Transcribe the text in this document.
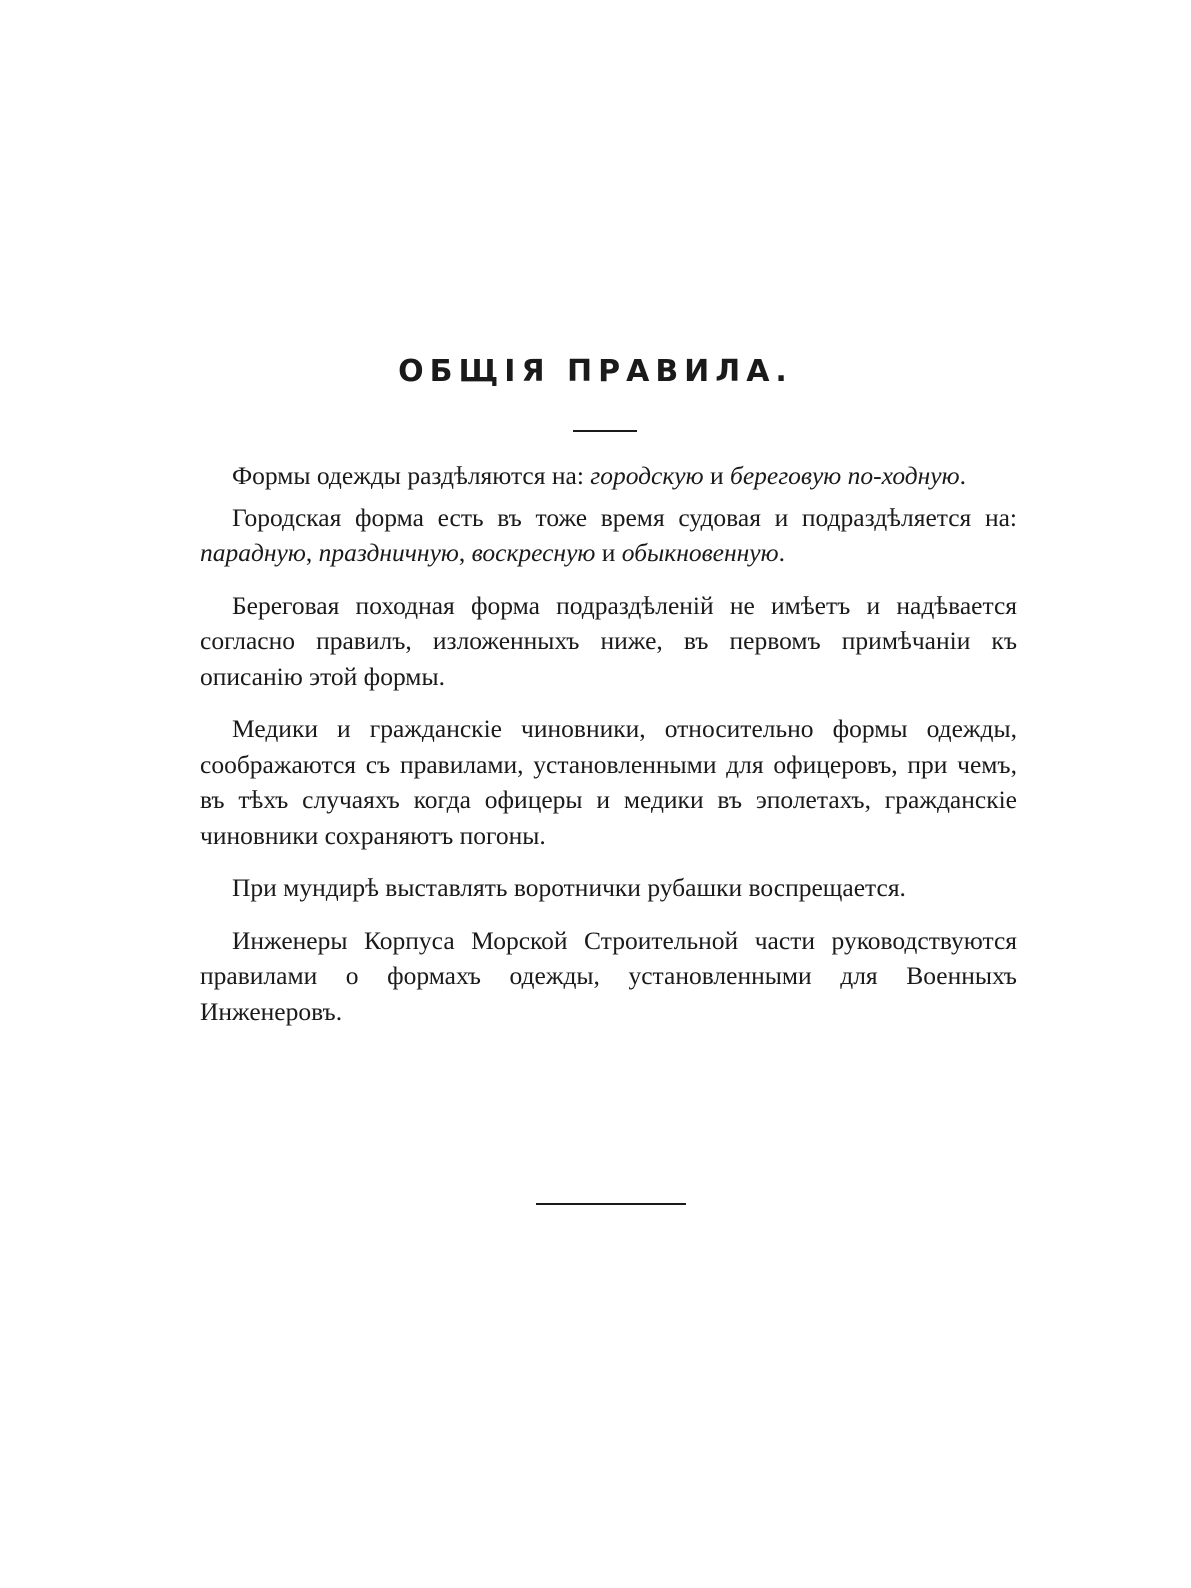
ОБЩІЯ ПРАВИЛА.

Формы одежды раздѣляются на: городскую и береговую по-ходную.

Городская форма есть въ тоже время судовая и подраздѣляется на: парадную, праздничную, воскресную и обыкновенную.

Береговая походная форма подраздѣленій не имѣетъ и надѣвается согласно правилъ, изложенныхъ ниже, въ первомъ примѣчаніи къ описанію этой формы.

Медики и гражданскіе чиновники, относительно формы одежды, соображаются съ правилами, установленными для офицеровъ, при чемъ, въ тѣхъ случаяхъ когда офицеры и медики въ эполетахъ, гражданскіе чиновники сохраняютъ погоны.

При мундирѣ выставлять воротнички рубашки воспрещается.

Инженеры Корпуса Морской Строительной части руководствуются правилами о формахъ одежды, установленными для Военныхъ Инженеровъ.
